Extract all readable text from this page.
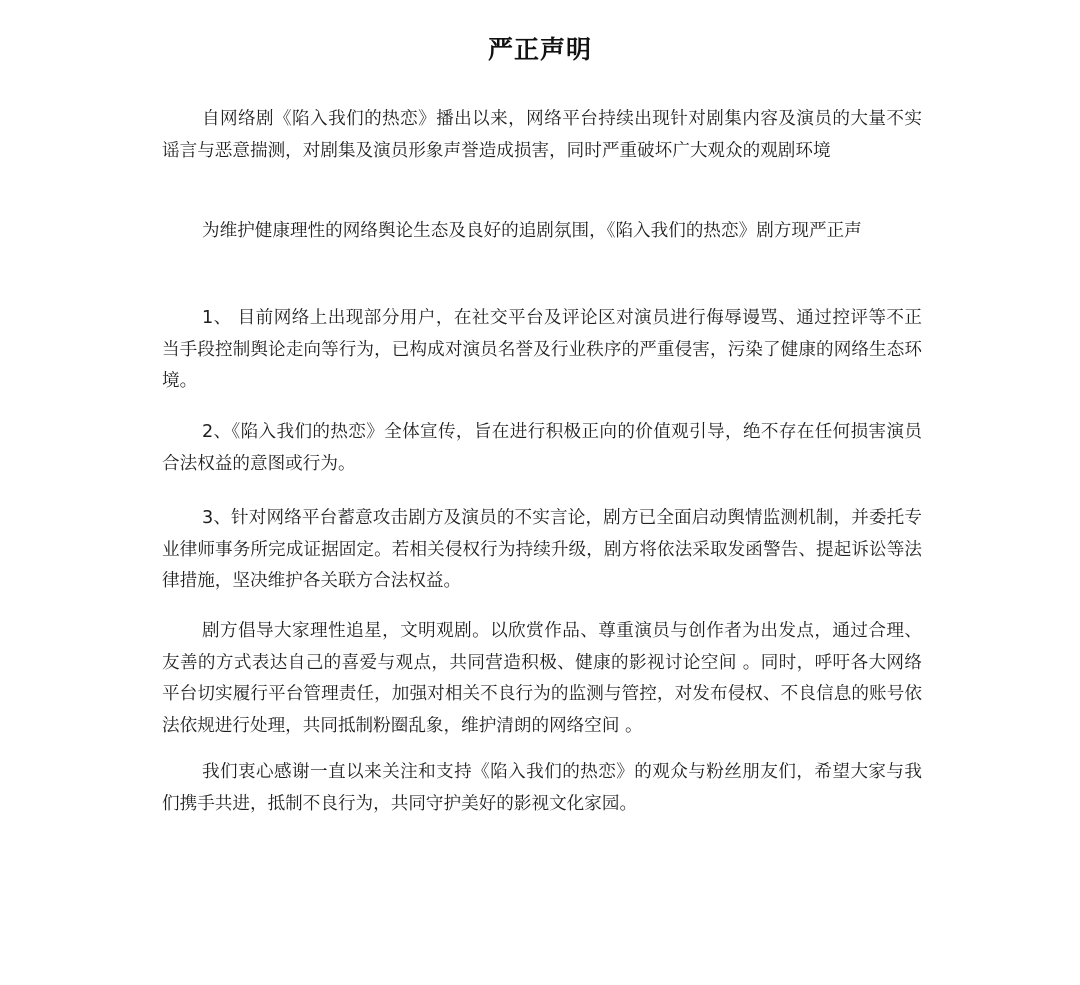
严正声明

自网络剧《陷入我们的热恋》播出以来，网络平台持续出现针对剧集内容及演员的大量不实谣言与恶意揣测，对剧集及演员形象声誉造成损害，同时严重破坏广大观众的观剧环境

为维护健康理性的网络舆论生态及良好的追剧氛围，《陷入我们的热恋》剧方现严正声

1、 目前网络上出现部分用户，在社交平台及评论区对演员进行侮辱谩骂、通过控评等不正当手段控制舆论走向等行为，已构成对演员名誉及行业秩序的严重侵害，污染了健康的网络生态环境。

2、《陷入我们的热恋》全体宣传，旨在进行积极正向的价值观引导，绝不存在任何损害演员合法权益的意图或行为。

3、针对网络平台蓄意攻击剧方及演员的不实言论，剧方已全面启动舆情监测机制，并委托专业律师事务所完成证据固定。若相关侵权行为持续升级，剧方将依法采取发函警告、提起诉讼等法律措施，坚决维护各关联方合法权益。

剧方倡导大家理性追星，文明观剧。以欣赏作品、尊重演员与创作者为出发点，通过合理、友善的方式表达自己的喜爱与观点，共同营造积极、健康的影视讨论空间 。同时，呼吁各大网络平台切实履行平台管理责任，加强对相关不良行为的监测与管控，对发布侵权、不良信息的账号依法依规进行处理，共同抵制粉圈乱象，维护清朗的网络空间 。

我们衷心感谢一直以来关注和支持《陷入我们的热恋》的观众与粉丝朋友们，希望大家与我们携手共进，抵制不良行为，共同守护美好的影视文化家园。
